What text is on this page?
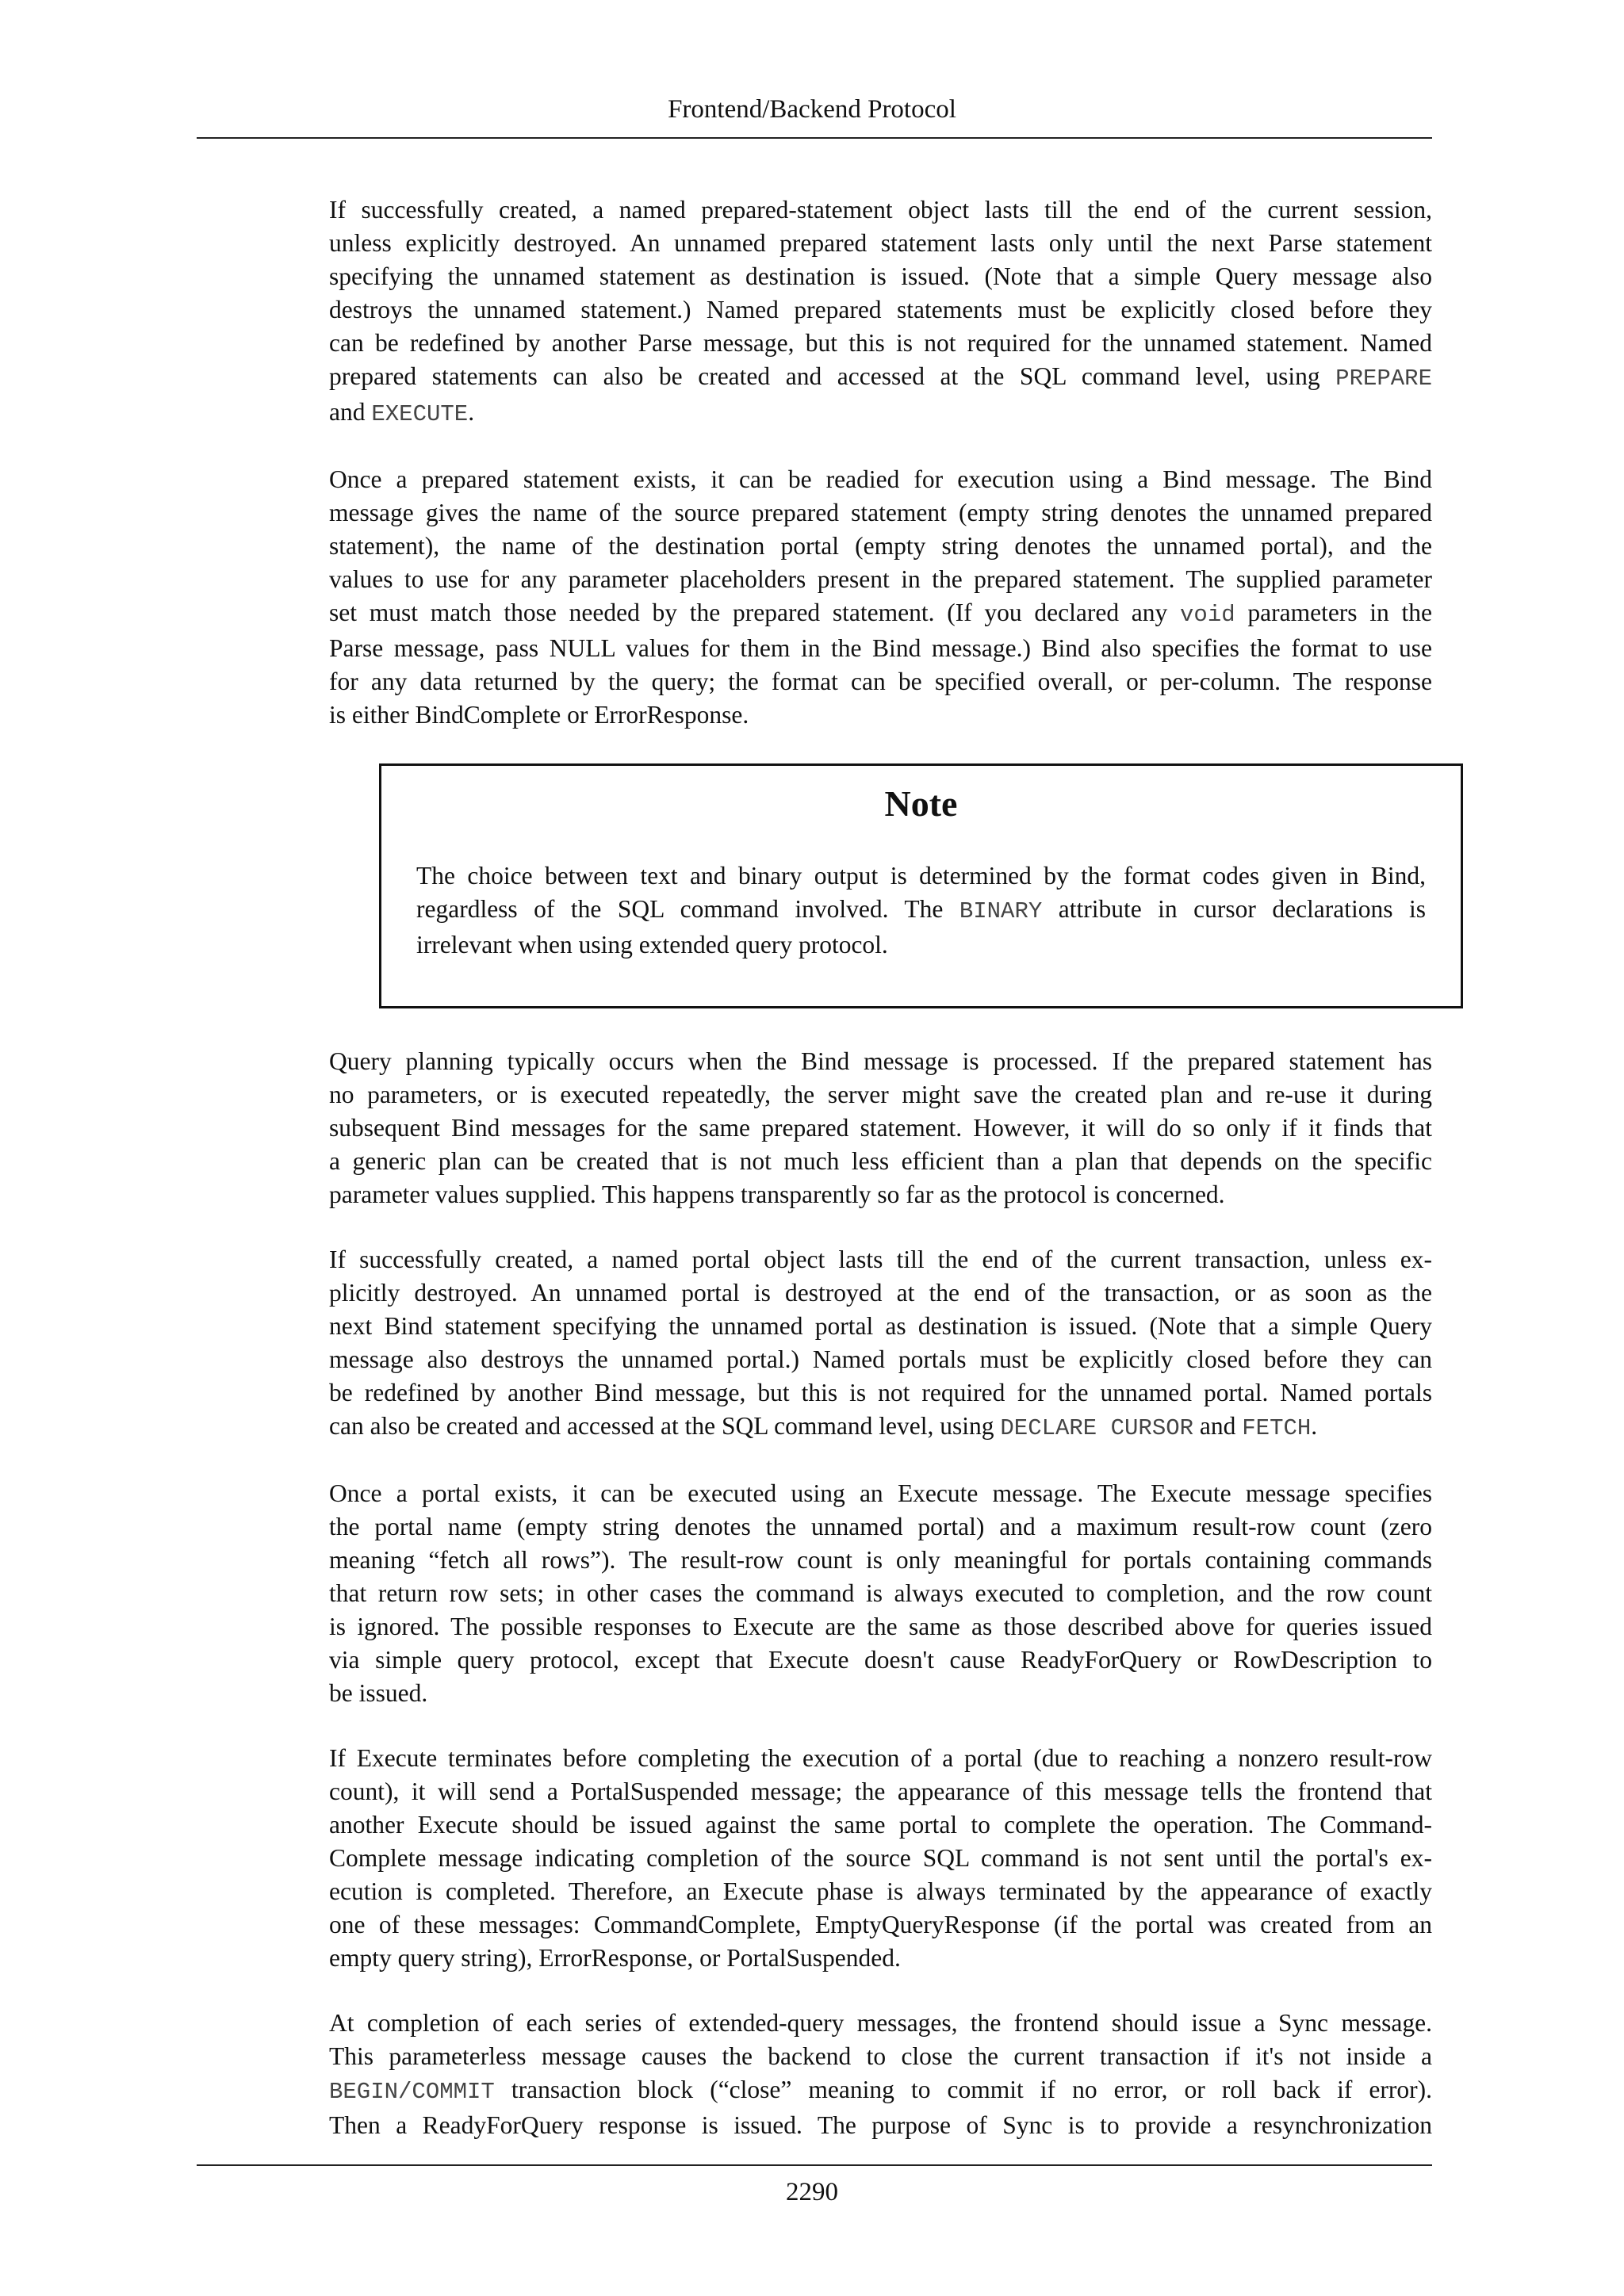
Frontend/Backend Protocol

If successfully created, a named prepared-statement object lasts till the end of the current session,
unless explicitly destroyed. An unnamed prepared statement lasts only until the next Parse statement
specifying the unnamed statement as destination is issued. (Note that a simple Query message also
destroys the unnamed statement.) Named prepared statements must be explicitly closed before they
can be redefined by another Parse message, but this is not required for the unnamed statement. Named
prepared statements can also be created and accessed at the SQL command level, using PREPARE
and EXECUTE.

Once a prepared statement exists, it can be readied for execution using a Bind message. The Bind
message gives the name of the source prepared statement (empty string denotes the unnamed prepared
statement), the name of the destination portal (empty string denotes the unnamed portal), and the
values to use for any parameter placeholders present in the prepared statement. The supplied parameter
set must match those needed by the prepared statement. (If you declared any void parameters in the
Parse message, pass NULL values for them in the Bind message.) Bind also specifies the format to use
for any data returned by the query; the format can be specified overall, or per-column. The response
is either BindComplete or ErrorResponse.

Note
The choice between text and binary output is determined by the format codes given in Bind,
regardless of the SQL command involved. The BINARY attribute in cursor declarations is
irrelevant when using extended query protocol.

Query planning typically occurs when the Bind message is processed. If the prepared statement has
no parameters, or is executed repeatedly, the server might save the created plan and re-use it during
subsequent Bind messages for the same prepared statement. However, it will do so only if it finds that
a generic plan can be created that is not much less efficient than a plan that depends on the specific
parameter values supplied. This happens transparently so far as the protocol is concerned.

If successfully created, a named portal object lasts till the end of the current transaction, unless ex-
plicitly destroyed. An unnamed portal is destroyed at the end of the transaction, or as soon as the
next Bind statement specifying the unnamed portal as destination is issued. (Note that a simple Query
message also destroys the unnamed portal.) Named portals must be explicitly closed before they can
be redefined by another Bind message, but this is not required for the unnamed portal. Named portals
can also be created and accessed at the SQL command level, using DECLARE CURSOR and FETCH.

Once a portal exists, it can be executed using an Execute message. The Execute message specifies
the portal name (empty string denotes the unnamed portal) and a maximum result-row count (zero
meaning “fetch all rows”). The result-row count is only meaningful for portals containing commands
that return row sets; in other cases the command is always executed to completion, and the row count
is ignored. The possible responses to Execute are the same as those described above for queries issued
via simple query protocol, except that Execute doesn't cause ReadyForQuery or RowDescription to
be issued.

If Execute terminates before completing the execution of a portal (due to reaching a nonzero result-row
count), it will send a PortalSuspended message; the appearance of this message tells the frontend that
another Execute should be issued against the same portal to complete the operation. The Command-
Complete message indicating completion of the source SQL command is not sent until the portal's ex-
ecution is completed. Therefore, an Execute phase is always terminated by the appearance of exactly
one of these messages: CommandComplete, EmptyQueryResponse (if the portal was created from an
empty query string), ErrorResponse, or PortalSuspended.

At completion of each series of extended-query messages, the frontend should issue a Sync message.
This parameterless message causes the backend to close the current transaction if it's not inside a
BEGIN/COMMIT transaction block (“close” meaning to commit if no error, or roll back if error).
Then a ReadyForQuery response is issued. The purpose of Sync is to provide a resynchronization

2290
